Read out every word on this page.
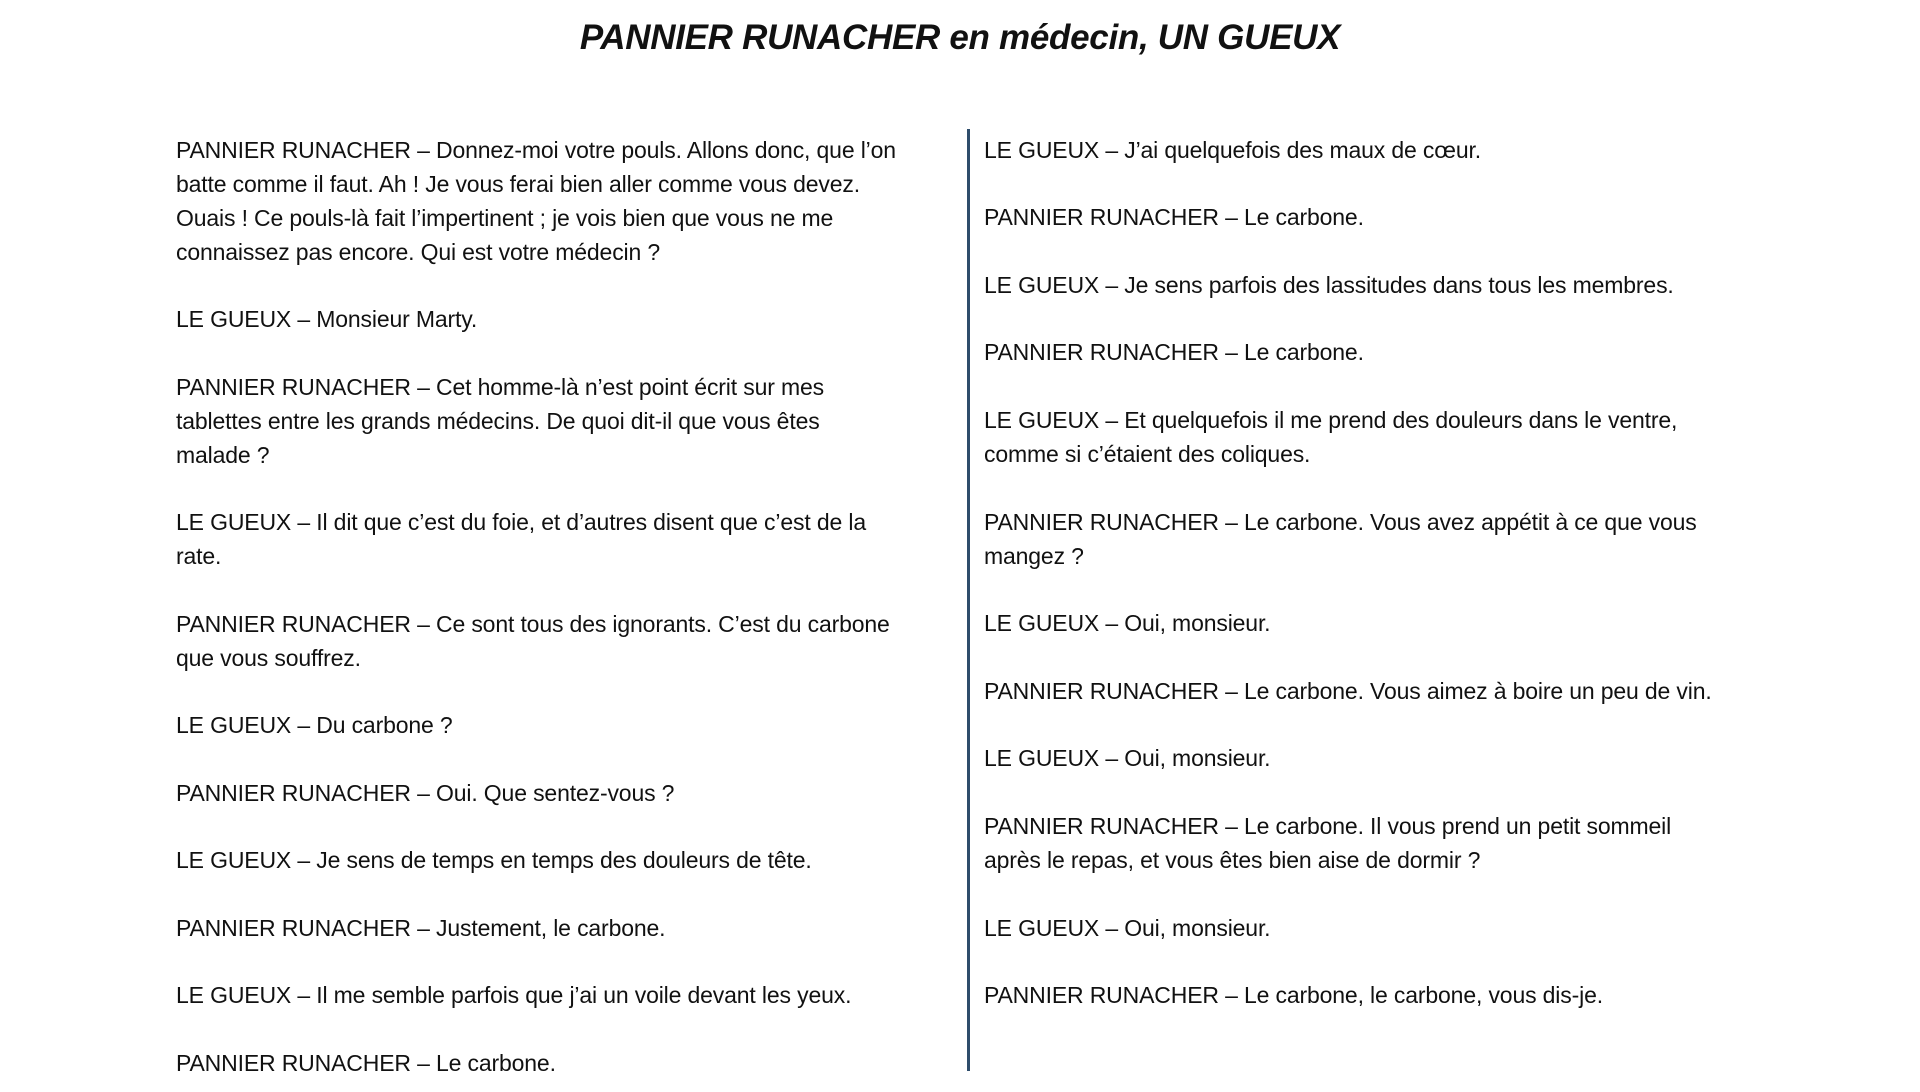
PANNIER RUNACHER en médecin, UN GUEUX
PANNIER RUNACHER – Donnez-moi votre pouls. Allons donc, que l’on
batte comme il faut. Ah ! Je vous ferai bien aller comme vous devez.
Ouais ! Ce pouls-là fait l’impertinent ; je vois bien que vous ne me
connaissez pas encore. Qui est votre médecin ?
LE GUEUX – Monsieur Marty.
PANNIER RUNACHER – Cet homme-là n’est point écrit sur mes
tablettes entre les grands médecins. De quoi dit-il que vous êtes
malade ?
LE GUEUX – Il dit que c’est du foie, et d’autres disent que c’est de la
rate.
PANNIER RUNACHER – Ce sont tous des ignorants. C’est du carbone
que vous souffrez.
LE GUEUX – Du carbone ?
PANNIER RUNACHER – Oui. Que sentez-vous ?
LE GUEUX – Je sens de temps en temps des douleurs de tête.
PANNIER RUNACHER – Justement, le carbone.
LE GUEUX – Il me semble parfois que j’ai un voile devant les yeux.
PANNIER RUNACHER – Le carbone.
LE GUEUX – J’ai quelquefois des maux de cœur.
PANNIER RUNACHER – Le carbone.
LE GUEUX – Je sens parfois des lassitudes dans tous les membres.
PANNIER RUNACHER – Le carbone.
LE GUEUX – Et quelquefois il me prend des douleurs dans le ventre,
comme si c’étaient des coliques.
PANNIER RUNACHER – Le carbone. Vous avez appétit à ce que vous
mangez ?
LE GUEUX – Oui, monsieur.
PANNIER RUNACHER – Le carbone. Vous aimez à boire un peu de vin.
LE GUEUX – Oui, monsieur.
PANNIER RUNACHER – Le carbone. Il vous prend un petit sommeil
après le repas, et vous êtes bien aise de dormir ?
LE GUEUX – Oui, monsieur.
PANNIER RUNACHER – Le carbone, le carbone, vous dis-je.
